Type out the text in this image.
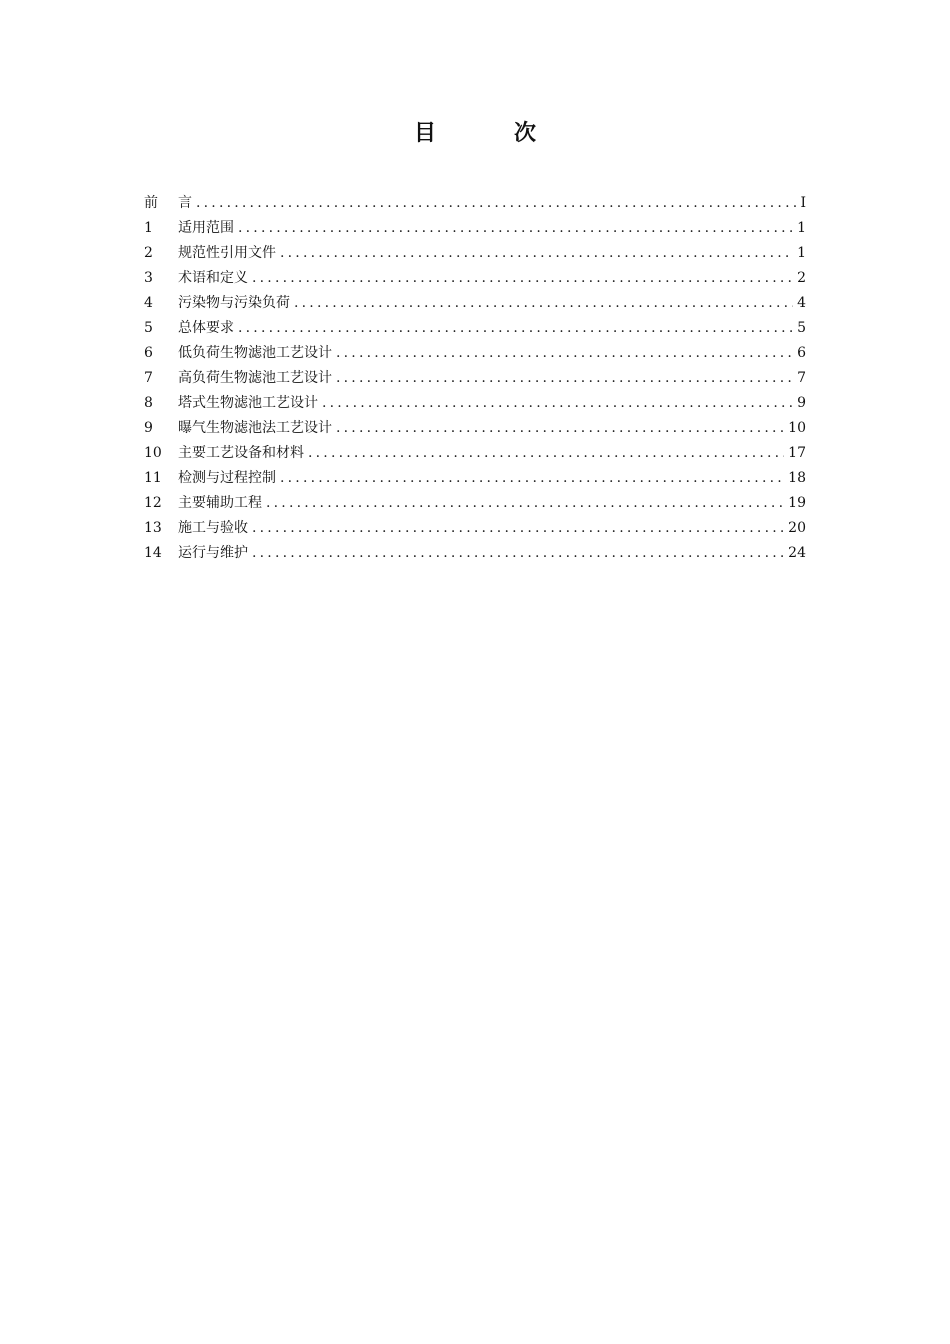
目　次
前	言 .....	I
1	适用范围 .....	1
2	规范性引用文件 .....	1
3	术语和定义 .....	2
4	污染物与污染负荷 .....	4
5	总体要求 .....	5
6	低负荷生物滤池工艺设计 .....	6
7	高负荷生物滤池工艺设计 .....	7
8	塔式生物滤池工艺设计 .....	9
9	曝气生物滤池法工艺设计 .....	10
10	主要工艺设备和材料 .....	17
11	检测与过程控制 .....	18
12	主要辅助工程 .....	19
13	施工与验收 .....	20
14	运行与维护 .....	24
